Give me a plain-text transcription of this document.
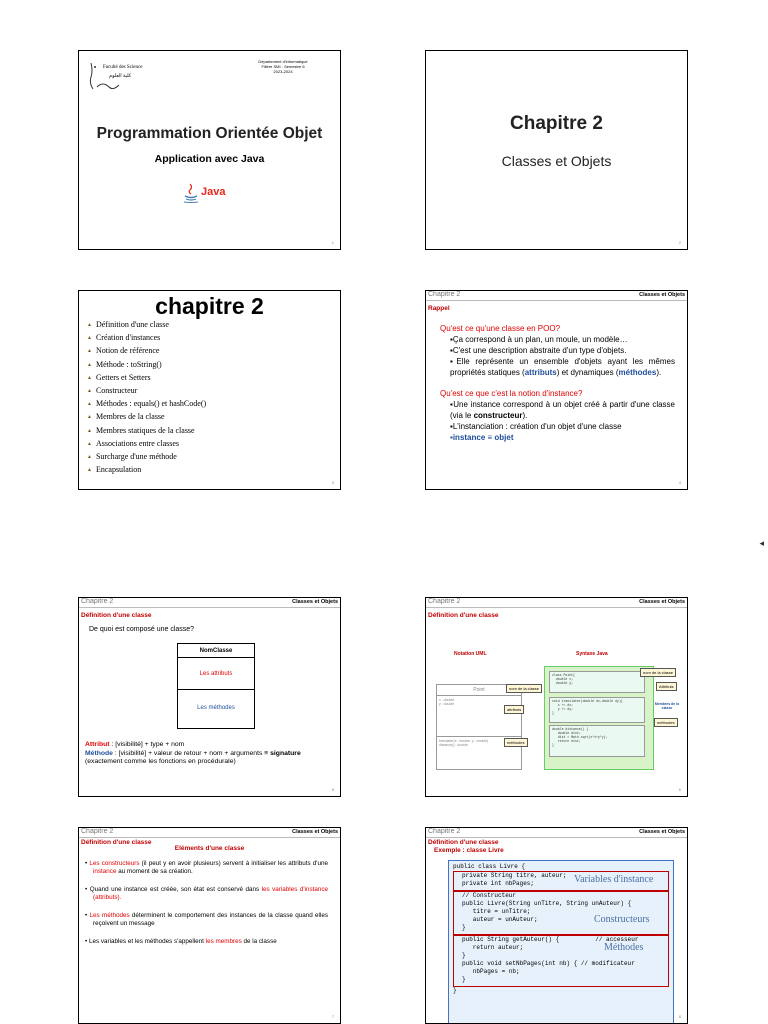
Faculté des Science
كلية العلوم
Département d'informatique
Filière SMI - Semestre 6
2023-2024
Programmation Orientée Objet
Application avec Java
Java
1
Chapitre 2
Classes et Objets
2
chapitre 2
▲ Définition d'une classe
▲ Création d'instances
▲ Notion de référence
▲ Méthode : toString()
▲ Getters et Setters
▲ Constructeur
▲ Méthodes : equals() et hashCode()
▲ Membres de la classe
▲ Membres statiques de la classe
▲ Associations entre classes
▲ Surcharge d'une méthode
▲ Encapsulation
3
Chapitre 2	Classes et Objets
Rappel
Qu'est ce qu'une classe en POO?
▪Ça correspond à un plan, un moule, un modèle…
▪C'est une description abstraite d'un type d'objets.
▪Elle représente un ensemble d'objets ayant les mêmes propriétés statiques (attributs) et dynamiques (méthodes).
Qu'est ce que c'est la notion d'instance?
▪Une instance correspond à un objet créé à partir d'une classe (via le constructeur).
▪L'instanciation : création d'un objet d'une classe
▪instance ≡ objet
4
Chapitre 2	Classes et Objets
Définition d'une classe
De quoi est composé une classe?
NomClasse
Les attributs
Les méthodes
Attribut : [visibilité] + type + nom
Méthode : [visibilité] + valeur de retour + nom + arguments ≡ signature
(exactement comme les fonctions en procédurale)
5
Chapitre 2	Classes et Objets
Définition d'une classe
Notation UML	Syntaxe Java
Point
x : double
y : double
translater(x : double, y : double)
distance() : double
nom de la classe
attributs
méthodes
class Point{
double x;
double y;
void translater(double dx,double dy){
x += dx;
y += dy;
}
double distance() {
double dist;
dist = Math.sqrt(x*x+y*y);
return dist;
}
nom de la classe
Attributs
Membres de la classe
méthodes
6
Chapitre 2	Classes et Objets
Définition d'une classe
Eléments d'une classe

• Les constructeurs (il peut y en avoir plusieurs) servent à initialiser les attributs d'une instance au moment de sa création.

• Quand une instance est créée, son état est conservé dans les variables d'instance (attributs).

• Les méthodes déterminent le comportement des instances de la classe quand elles reçoivent un message

• Les variables et les méthodes s'appellent les membres de la classe

7
Chapitre 2	Classes et Objets
Définition d'une classe
Exemple : classe Livre
public class Livre {
private String titre, auteur;
private int nbPages;	Variables d'instance
// Constructeur
public Livre(String unTitre, String unAuteur) {
titre = unTitre;
auteur = unAuteur;
}
Constructeurs
public String getAuteur() {          // accesseur
return auteur;
}
public void setNbPages(int nb) { // modificateur
nbPages = nb;
}
Méthodes
}
8
◂
